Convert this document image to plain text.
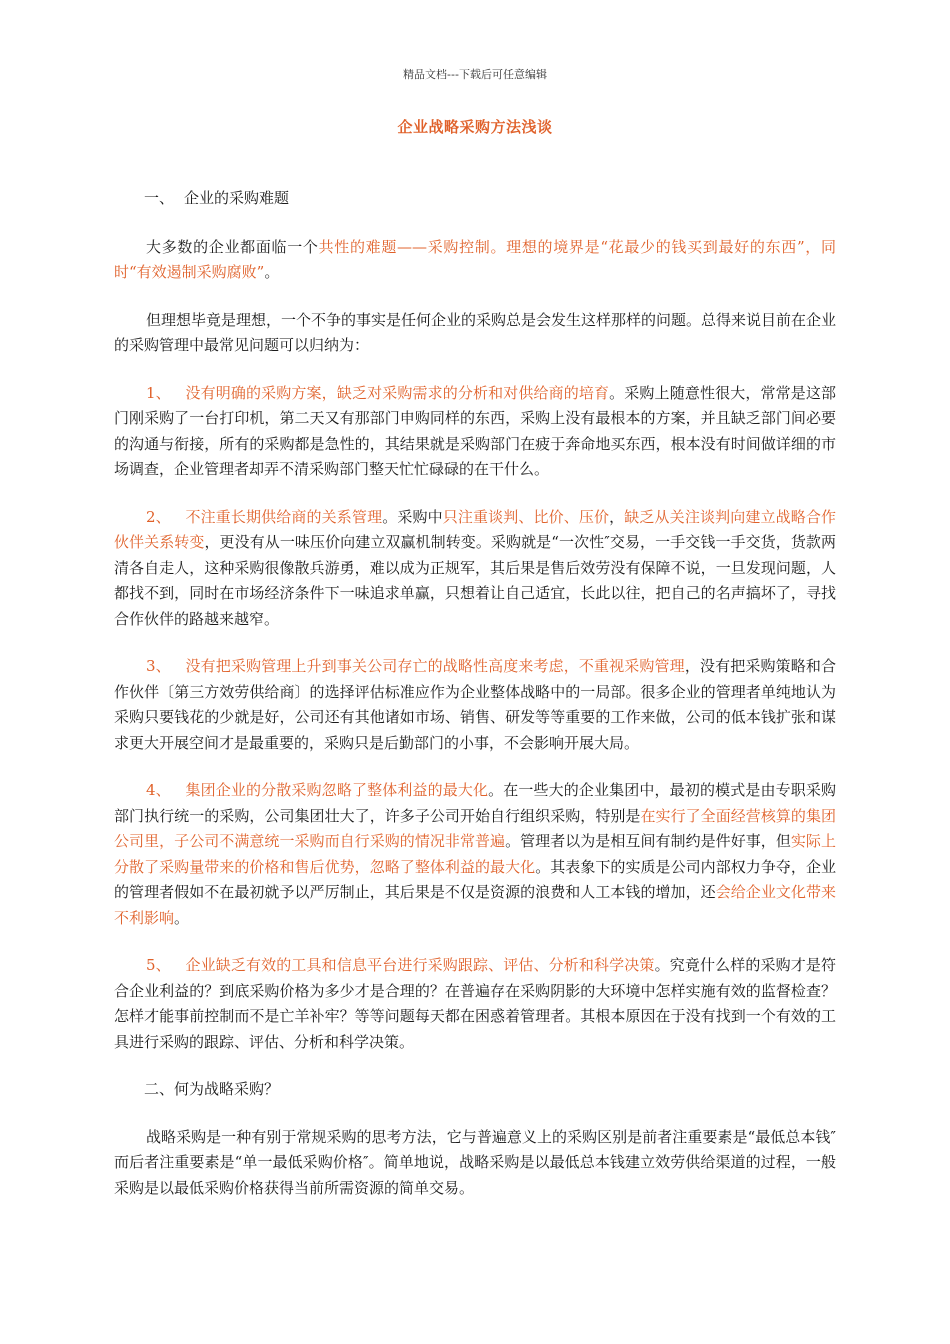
精品文档---下载后可任意编辑
企业战略采购方法浅谈
一、 企业的采购难题

大多数的企业都面临一个共性的难题——采购控制。理想的境界是“花最少的钱买到最好的东西”，同时“有效遏制采购腐败”。

但理想毕竟是理想，一个不争的事实是任何企业的采购总是会发生这样那样的问题。总得来说目前在企业的采购管理中最常见问题可以归纳为：

1、 没有明确的采购方案，缺乏对采购需求的分析和对供给商的培育。采购上随意性很大，常常是这部门刚采购了一台打印机，第二天又有那部门申购同样的东西，采购上没有最根本的方案，并且缺乏部门间必要的沟通与衔接，所有的采购都是急性的，其结果就是采购部门在疲于奔命地买东西，根本没有时间做详细的市场调查，企业管理者却弄不清采购部门整天忙忙碌碌的在干什么。

2、 不注重长期供给商的关系管理。采购中只注重谈判、比价、压价，缺乏从关注谈判向建立战略合作伙伴关系转变，更没有从一味压价向建立双赢机制转变。采购就是“一次性″交易，一手交钱一手交货，货款两清各自走人，这种采购很像散兵游勇，难以成为正规军，其后果是售后效劳没有保障不说，一旦发现问题，人都找不到，同时在市场经济条件下一味追求单赢，只想着让自己适宜，长此以往，把自己的名声搞坏了，寻找合作伙伴的路越来越窄。

3、 没有把采购管理上升到事关公司存亡的战略性高度来考虑，不重视采购管理，没有把采购策略和合作伙伴〔第三方效劳供给商〕的选择评估标准应作为企业整体战略中的一局部。很多企业的管理者单纯地认为采购只要钱花的少就是好，公司还有其他诸如市场、销售、研发等等重要的工作来做，公司的低本钱扩张和谋求更大开展空间才是最重要的，采购只是后勤部门的小事，不会影响开展大局。

4、 集团企业的分散采购忽略了整体利益的最大化。在一些大的企业集团中，最初的模式是由专职采购部门执行统一的采购，公司集团壮大了，许多子公司开始自行组织采购，特别是在实行了全面经营核算的集团公司里，子公司不满意统一采购而自行采购的情况非常普遍。管理者以为是相互间有制约是件好事，但实际上分散了采购量带来的价格和售后优势，忽略了整体利益的最大化。其表象下的实质是公司内部权力争夺，企业的管理者假如不在最初就予以严厉制止，其后果是不仅是资源的浪费和人工本钱的增加，还会给企业文化带来不利影响。

5、 企业缺乏有效的工具和信息平台进行采购跟踪、评估、分析和科学决策。究竟什么样的采购才是符合企业利益的？到底采购价格为多少才是合理的？在普遍存在采购阴影的大环境中怎样实施有效的监督检查？怎样才能事前控制而不是亡羊补牢？等等问题每天都在困惑着管理者。其根本原因在于没有找到一个有效的工具进行采购的跟踪、评估、分析和科学决策。

二、何为战略采购？

战略采购是一种有别于常规采购的思考方法，它与普遍意义上的采购区别是前者注重要素是“最低总本钱″而后者注重要素是“单一最低采购价格″。简单地说，战略采购是以最低总本钱建立效劳供给渠道的过程，一般采购是以最低采购价格获得当前所需资源的简单交易。
